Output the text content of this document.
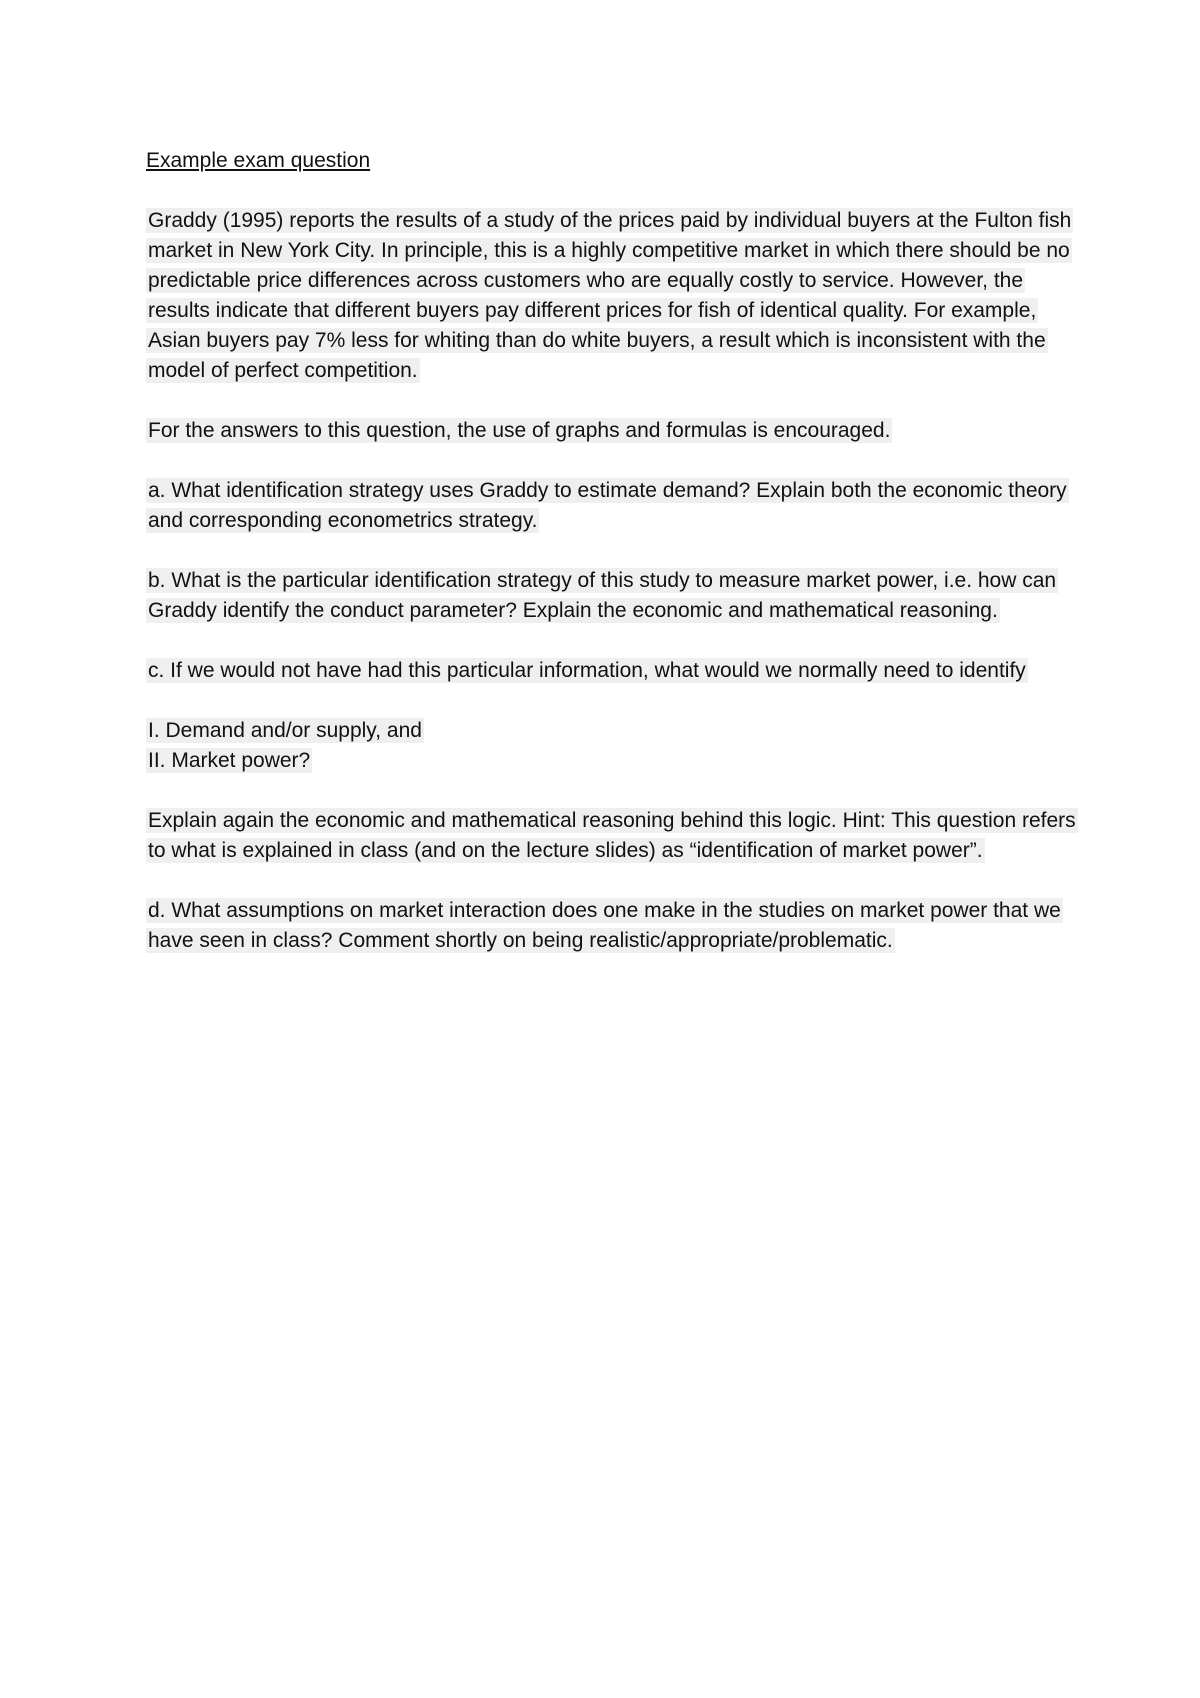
Example exam question
Graddy (1995) reports the results of a study of the prices paid by individual buyers at the Fulton fish market in New York City. In principle, this is a highly competitive market in which there should be no predictable price differences across customers who are equally costly to service. However, the results indicate that different buyers pay different prices for fish of identical quality. For example, Asian buyers pay 7% less for whiting than do white buyers, a result which is inconsistent with the model of perfect competition.
For the answers to this question, the use of graphs and formulas is encouraged.
a. What identification strategy uses Graddy to estimate demand? Explain both the economic theory and corresponding econometrics strategy.
b. What is the particular identification strategy of this study to measure market power, i.e. how can Graddy identify the conduct parameter? Explain the economic and mathematical reasoning.
c. If we would not have had this particular information, what would we normally need to identify
I. Demand and/or supply, and
II. Market power?
Explain again the economic and mathematical reasoning behind this logic. Hint: This question refers to what is explained in class (and on the lecture slides) as “identification of market power”.
d. What assumptions on market interaction does one make in the studies on market power that we have seen in class? Comment shortly on being realistic/appropriate/problematic.
